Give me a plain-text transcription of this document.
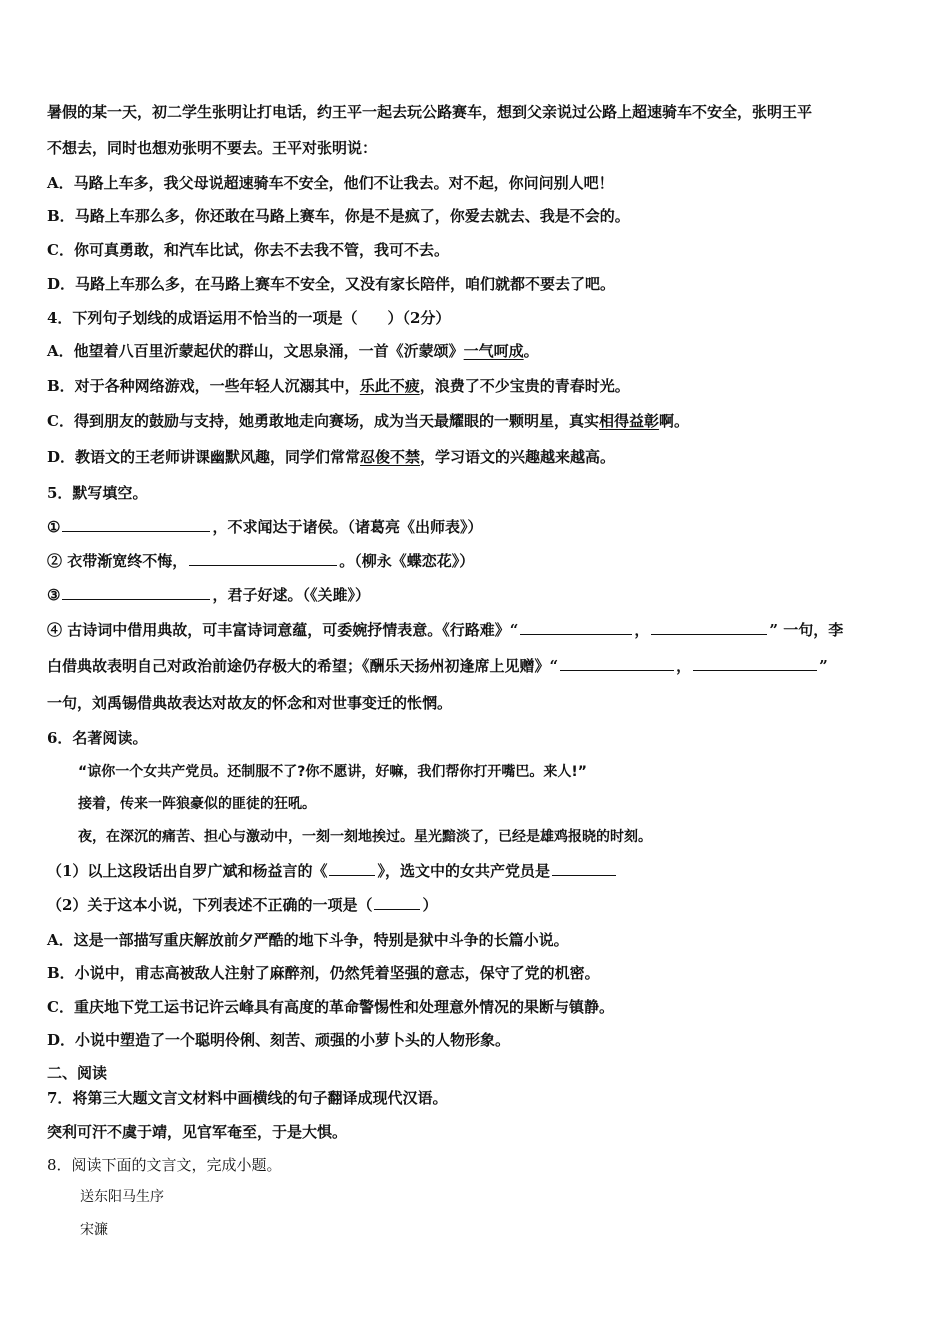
暑假的某一天，初二学生张明让打电话，约王平一起去玩公路赛车，想到父亲说过公路上超速骑车不安全，张明王平
不想去，同时也想劝张明不要去。王平对张明说：
A．马路上车多，我父母说超速骑车不安全，他们不让我去。对不起，你问问别人吧！
B．马路上车那么多，你还敢在马路上赛车，你是不是疯了，你爱去就去、我是不会的。
C．你可真勇敢，和汽车比试，你去不去我不管，我可不去。
D．马路上车那么多，在马路上赛车不安全，又没有家长陪伴，咱们就都不要去了吧。
4．下列句子划线的成语运用不恰当的一项是（　　）（2分）
A．他望着八百里沂蒙起伏的群山，文思泉涌，一首《沂蒙颂》一气呵成。
B．对于各种网络游戏，一些年轻人沉溺其中，乐此不疲，浪费了不少宝贵的青春时光。
C．得到朋友的鼓励与支持，她勇敢地走向赛场，成为当天最耀眼的一颗明星，真实相得益彰啊。
D．教语文的王老师讲课幽默风趣，同学们常常忍俊不禁，学习语文的兴趣越来越高。
5．默写填空。
①	，不求闻达于诸侯。（诸葛亮《出师表》）
② 衣带渐宽终不悔，	。（柳永《蝶恋花》）
③	，君子好逑。（《关雎》）
④ 古诗词中借用典故，可丰富诗词意蕴，可委婉抒情表意。《行路难》“	，	” 一句，李
白借典故表明自己对政治前途仍存极大的希望；《酬乐天扬州初逢席上见赠》“	，	”
一句，刘禹锡借典故表达对故友的怀念和对世事变迁的怅惘。
6．名著阅读。
“谅你一个女共产党员。还制服不了?你不愿讲，好嘛，我们帮你打开嘴巴。来人!”
接着，传来一阵狼豪似的匪徒的狂吼。
夜，在深沉的痛苦、担心与激动中，一刻一刻地挨过。星光黯淡了，已经是雄鸡报晓的时刻。
（1）以上这段话出自罗广斌和杨益言的《	》，选文中的女共产党员是
（2）关于这本小说，下列表述不正确的一项是（	）
A．这是一部描写重庆解放前夕严酷的地下斗争，特别是狱中斗争的长篇小说。
B．小说中，甫志高被敌人注射了麻醉剂，仍然凭着坚强的意志，保守了党的机密。
C．重庆地下党工运书记许云峰具有高度的革命警惕性和处理意外情况的果断与镇静。
D．小说中塑造了一个聪明伶俐、刻苦、顽强的小萝卜头的人物形象。
二、阅读
7．将第三大题文言文材料中画横线的句子翻译成现代汉语。
突利可汗不虞于靖，见官军奄至，于是大惧。
8．阅读下面的文言文，完成小题。
送东阳马生序
宋濂
